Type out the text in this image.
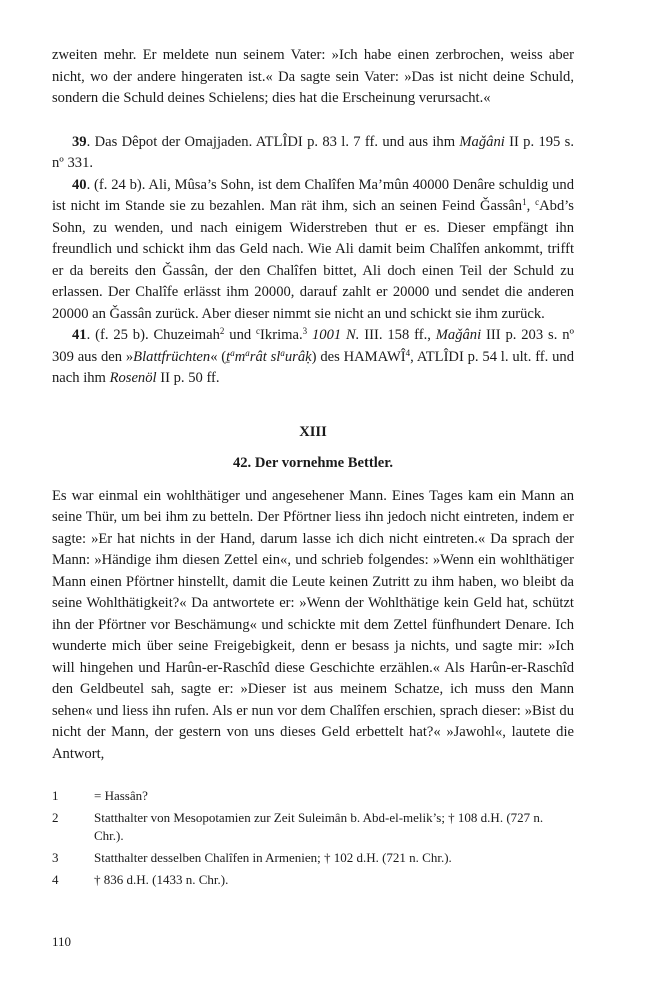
zweiten mehr. Er meldete nun seinem Vater: »Ich habe einen zerbrochen, weiss aber nicht, wo der andere hingeraten ist.« Da sagte sein Vater: »Das ist nicht deine Schuld, sondern die Schuld deines Schielens; dies hat die Erscheinung verursacht.«

39. Das Dêpot der Omajjaden. ATLÎDI p. 83 l. 7 ff. und aus ihm Maǧâni II p. 195 s. nº 331.

40. (f. 24 b). Ali, Mûsa’s Sohn, ist dem Chalîfen Ma’mûn 40000 Denâre schuldig und ist nicht im Stande sie zu bezahlen. Man rät ihm, sich an seinen Feind Ǧassân$^1$, $^c$Abd’s Sohn, zu wenden, und nach einigem Widerstreben thut er es. Dieser empfängt ihn freundlich und schickt ihm das Geld nach. Wie Ali damit beim Chalîfen ankommt, trifft er da bereits den Ǧassân, der den Chalîfen bittet, Ali doch einen Teil der Schuld zu erlassen. Der Chalîfe erlässt ihm 20000, darauf zahlt er 20000 und sendet die anderen 20000 an Ǧassân zurück. Aber dieser nimmt sie nicht an und schickt sie ihm zurück.

41. (f. 25 b). Chuzeimah$^2$ und $^c$Ikrima.$^3$ 1001 N. III. 158 ff., Maǧâni III p. 203 s. nº 309 aus den »Blattfrüchten« ($ṯ^am^arât$ $sl^aurâḳ$) des HAMAWÎ$^4$, ATLÎDI p. 54 l. ult. ff. und nach ihm Rosenöl II p. 50 ff.

XIII
42. Der vornehme Bettler.

Es war einmal ein wohlthätiger und angesehener Mann. Eines Tages kam ein Mann an seine Thür, um bei ihm zu betteln. Der Pförtner liess ihn jedoch nicht eintreten, indem er sagte: »Er hat nichts in der Hand, darum lasse ich dich nicht eintreten.« Da sprach der Mann: »Händige ihm diesen Zettel ein«, und schrieb folgendes: »Wenn ein wohlthätiger Mann einen Pförtner hinstellt, damit die Leute keinen Zutritt zu ihm haben, wo bleibt da seine Wohlthätigkeit?« Da antwortete er: »Wenn der Wohlthätige kein Geld hat, schützt ihn der Pförtner vor Beschämung« und schickte mit dem Zettel fünfhundert Denare. Ich wunderte mich über seine Freigebigkeit, denn er besass ja nichts, und sagte mir: »Ich will hingehen und Harûn-er-Raschîd diese Geschichte erzählen.« Als Harûn-er-Raschîd den Geldbeutel sah, sagte er: »Dieser ist aus meinem Schatze, ich muss den Mann sehen« und liess ihn rufen. Als er nun vor dem Chalîfen erschien, sprach dieser: »Bist du nicht der Mann, der gestern von uns dieses Geld erbettelt hat?« »Jawohl«, lautete die Antwort,

1	= Hassân?
2	Statthalter von Mesopotamien zur Zeit Suleimân b. Abd-el-melik’s; † 108 d.H. (727 n. Chr.).
3	Statthalter desselben Chalîfen in Armenien; † 102 d.H. (721 n. Chr.).
4	† 836 d.H. (1433 n. Chr.).
110
